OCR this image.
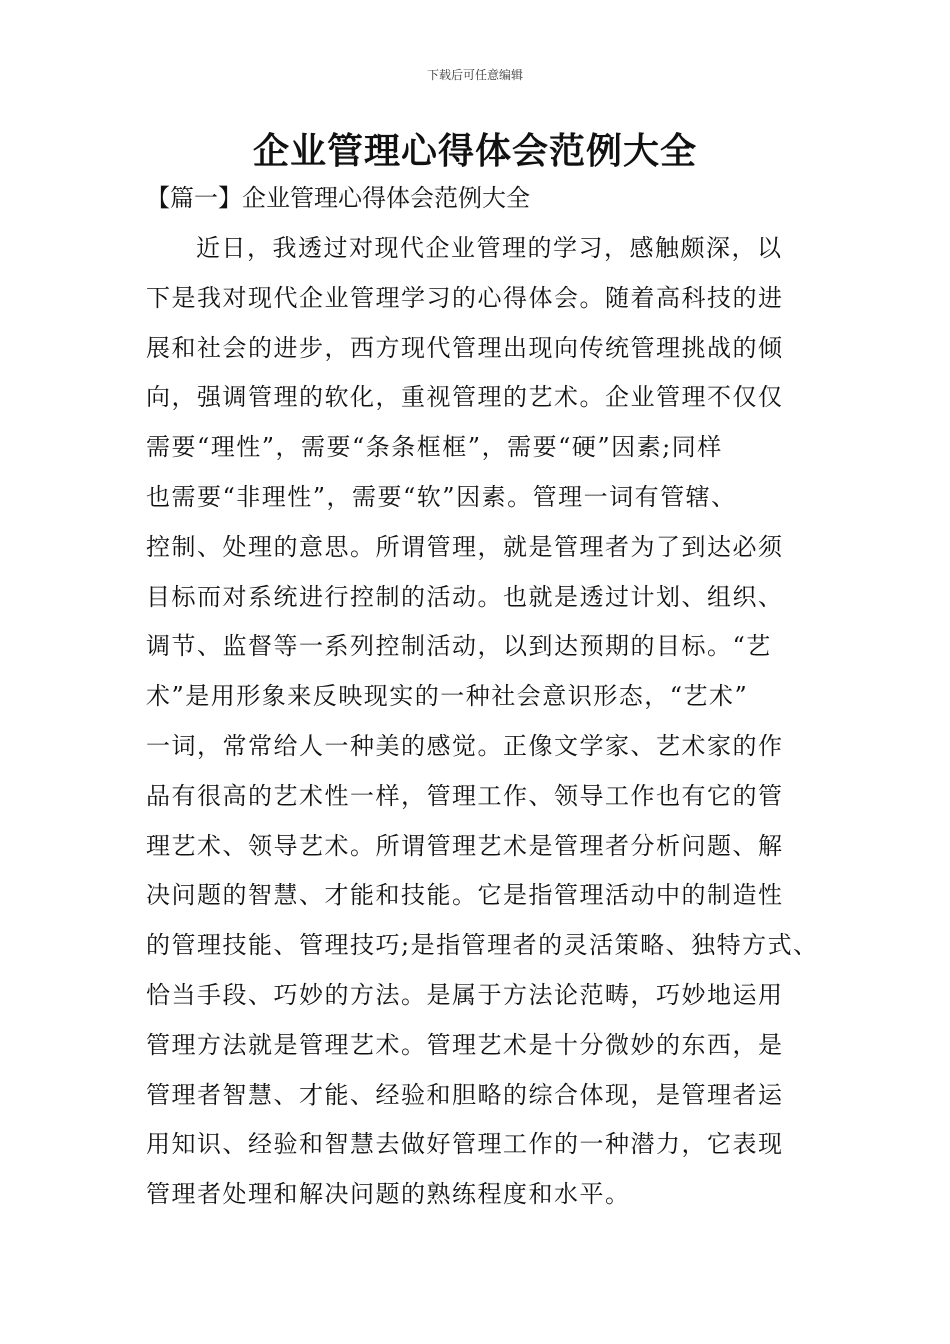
下载后可任意编辑
企业管理心得体会范例大全
【篇一】企业管理心得体会范例大全
近日，我透过对现代企业管理的学习，感触颇深，以
下是我对现代企业管理学习的心得体会。随着高科技的进
展和社会的进步，西方现代管理出现向传统管理挑战的倾
向，强调管理的软化，重视管理的艺术。企业管理不仅仅
需要“理性”，需要“条条框框”，需要“硬”因素;同样
也需要“非理性”，需要“软”因素。管理一词有管辖、
控制、处理的意思。所谓管理，就是管理者为了到达必须
目标而对系统进行控制的活动。也就是透过计划、组织、
调节、监督等一系列控制活动，以到达预期的目标。“艺
术”是用形象来反映现实的一种社会意识形态，“艺术”
一词，常常给人一种美的感觉。正像文学家、艺术家的作
品有很高的艺术性一样，管理工作、领导工作也有它的管
理艺术、领导艺术。所谓管理艺术是管理者分析问题、解
决问题的智慧、才能和技能。它是指管理活动中的制造性
的管理技能、管理技巧;是指管理者的灵活策略、独特方式、
恰当手段、巧妙的方法。是属于方法论范畴，巧妙地运用
管理方法就是管理艺术。管理艺术是十分微妙的东西，是
管理者智慧、才能、经验和胆略的综合体现，是管理者运
用知识、经验和智慧去做好管理工作的一种潜力，它表现
管理者处理和解决问题的熟练程度和水平。
